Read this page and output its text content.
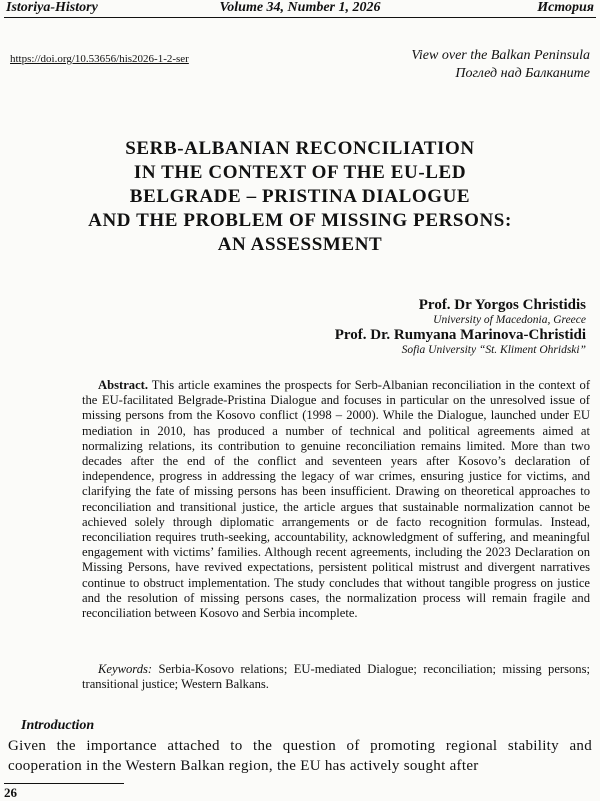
Istoriya-History	Volume 34, Number 1, 2026	История
https://doi.org/10.53656/his2026-1-2-ser	View over the Balkan Peninsula
Поглед над Балканите
SERB-ALBANIAN RECONCILIATION
IN THE CONTEXT OF THE EU-LED
BELGRADE – PRISTINA DIALOGUE
AND THE PROBLEM OF MISSING PERSONS:
AN ASSESSMENT
Prof. Dr Yorgos Christidis
University of Macedonia, Greece
Prof. Dr. Rumyana Marinova-Christidi
Sofia University “St. Kliment Ohridski”

Abstract. This article examines the prospects for Serb-Albanian reconciliation in the context of the EU-facilitated Belgrade-Pristina Dialogue and focuses in particular on the unresolved issue of missing persons from the Kosovo conflict (1998 – 2000). While the Dialogue, launched under EU mediation in 2010, has produced a number of technical and political agreements aimed at normalizing relations, its contribution to genuine reconciliation remains limited. More than two decades after the end of the conflict and seventeen years after Kosovo’s declaration of independence, progress in addressing the legacy of war crimes, ensuring justice for victims, and clarifying the fate of missing persons has been insufficient. Drawing on theoretical approaches to reconciliation and transitional justice, the article argues that sustainable normalization cannot be achieved solely through diplomatic arrangements or de facto recognition formulas. Instead, reconciliation requires truth-seeking, accountability, acknowledgment of suffering, and meaningful engagement with victims’ families. Although recent agreements, including the 2023 Declaration on Missing Persons, have revived expectations, persistent political mistrust and divergent narratives continue to obstruct implementation. The study concludes that without tangible progress on justice and the resolution of missing persons cases, the normalization process will remain fragile and reconciliation between Kosovo and Serbia incomplete.

Keywords: Serbia-Kosovo relations; EU-mediated Dialogue; reconciliation; missing persons; transitional justice; Western Balkans.

Introduction

Given the importance attached to the question of promoting regional stability and cooperation in the Western Balkan region, the EU has actively sought after

26
